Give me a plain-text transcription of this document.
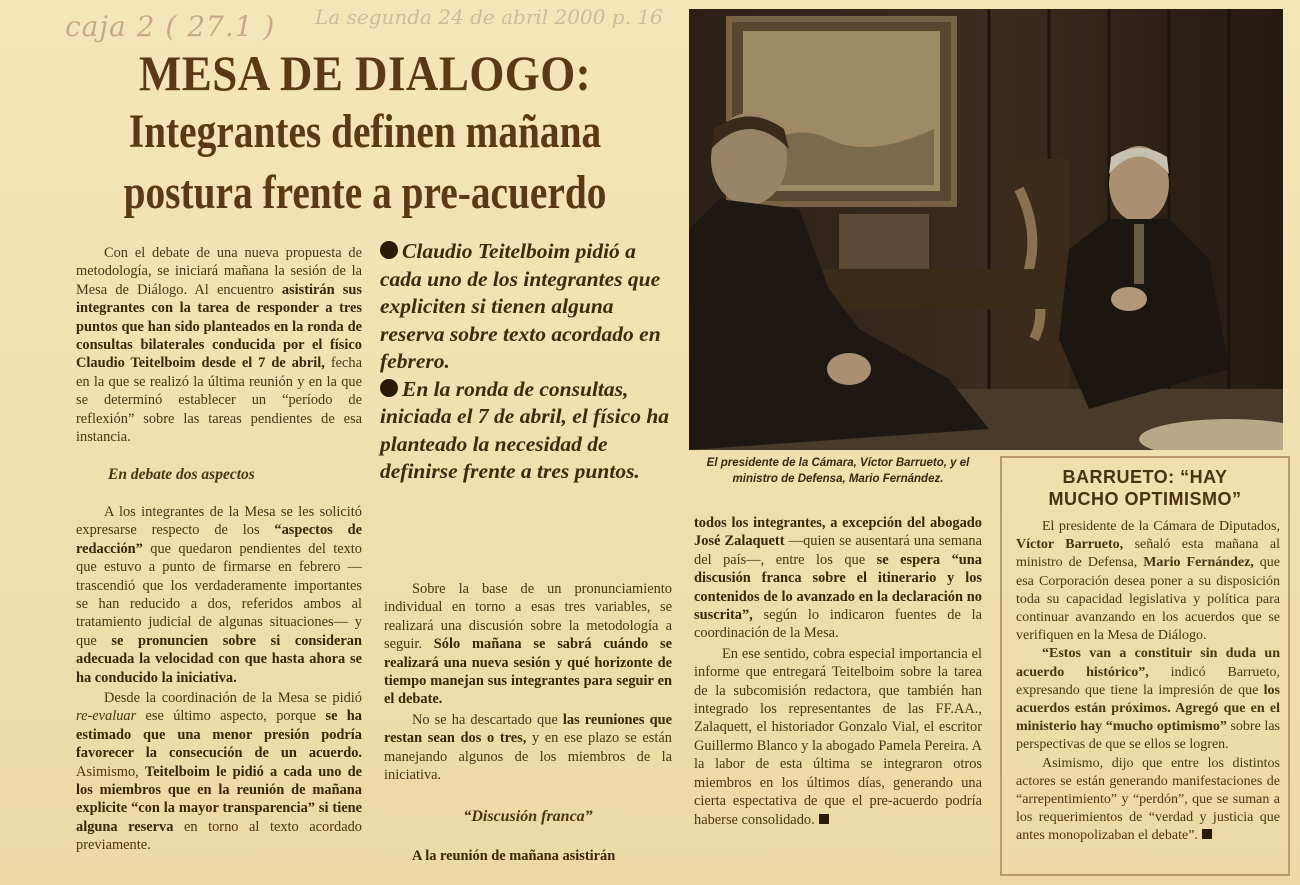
caja 2 ( 27.1 ) La segunda 24 de abril 2000 p. 16
MESA DE DIALOGO:
Integrantes definen mañana
postura frente a pre-acuerdo

Con el debate de una nueva propuesta de metodología, se iniciará mañana la sesión de la Mesa de Diálogo. Al encuentro asistirán sus integrantes con la tarea de responder a tres puntos que han sido planteados en la ronda de consultas bilaterales conducida por el físico Claudio Teitelboim desde el 7 de abril, fecha en la que se realizó la última reunión y en la que se determinó establecer un “período de reflexión” sobre las tareas pendientes de esa instancia.

En debate dos aspectos

A los integrantes de la Mesa se les solicitó expresarse respecto de los “aspectos de redacción” que quedaron pendientes del texto que estuvo a punto de firmarse en febrero —trascendió que los verdaderamente importantes se han reducido a dos, referidos ambos al tratamiento judicial de algunas situaciones— y que se pronuncien sobre si consideran adecuada la velocidad con que hasta ahora se ha conducido la iniciativa.

Desde la coordinación de la Mesa se pidió re-evaluar ese último aspecto, porque se ha estimado que una menor presión podría favorecer la consecución de un acuerdo. Asimismo, Teitelboim le pidió a cada uno de los miembros que en la reunión de mañana explicite “con la mayor transparencia” si tiene alguna reserva en torno al texto acordado previamente.

Claudio Teitelboim pidió a cada uno de los integrantes que expliciten si tienen alguna reserva sobre texto acordado en febrero.

En la ronda de consultas, iniciada el 7 de abril, el físico ha planteado la necesidad de definirse frente a tres puntos.

Sobre la base de un pronunciamiento individual en torno a esas tres variables, se realizará una discusión sobre la metodología a seguir. Sólo mañana se sabrá cuándo se realizará una nueva sesión y qué horizonte de tiempo manejan sus integrantes para seguir en el debate.

No se ha descartado que las reuniones que restan sean dos o tres, y en ese plazo se están manejando algunos de los miembros de la iniciativa.

“Discusión franca”

A la reunión de mañana asistirán

El presidente de la Cámara, Víctor Barrueto, y el ministro de Defensa, Mario Fernández.

todos los integrantes, a excepción del abogado José Zalaquett —quien se ausentará una semana del país—, entre los que se espera “una discusión franca sobre el itinerario y los contenidos de lo avanzado en la declaración no suscrita”, según lo indicaron fuentes de la coordinación de la Mesa.

En ese sentido, cobra especial importancia el informe que entregará Teitelboim sobre la tarea de la subcomisión redactora, que también han integrado los representantes de las FF.AA., Zalaquett, el historiador Gonzalo Vial, el escritor Guillermo Blanco y la abogado Pamela Pereira. A la labor de esta última se integraron otros miembros en los últimos días, generando una cierta espectativa de que el pre-acuerdo podría haberse consolidado.

BARRUETO: “HAY
MUCHO OPTIMISMO”

El presidente de la Cámara de Diputados, Víctor Barrueto, señaló esta mañana al ministro de Defensa, Mario Fernández, que esa Corporación desea poner a su disposición toda su capacidad legislativa y política para continuar avanzando en los acuerdos que se verifiquen en la Mesa de Diálogo.

“Estos van a constituir sin duda un acuerdo histórico”, indicó Barrueto, expresando que tiene la impresión de que los acuerdos están próximos. Agregó que en el ministerio hay “mucho optimismo” sobre las perspectivas de que se ellos se logren.

Asimismo, dijo que entre los distintos actores se están generando manifestaciones de “arrepentimiento” y “perdón”, que se suman a los requerimientos de “verdad y justicia que antes monopolizaban el debate”.
